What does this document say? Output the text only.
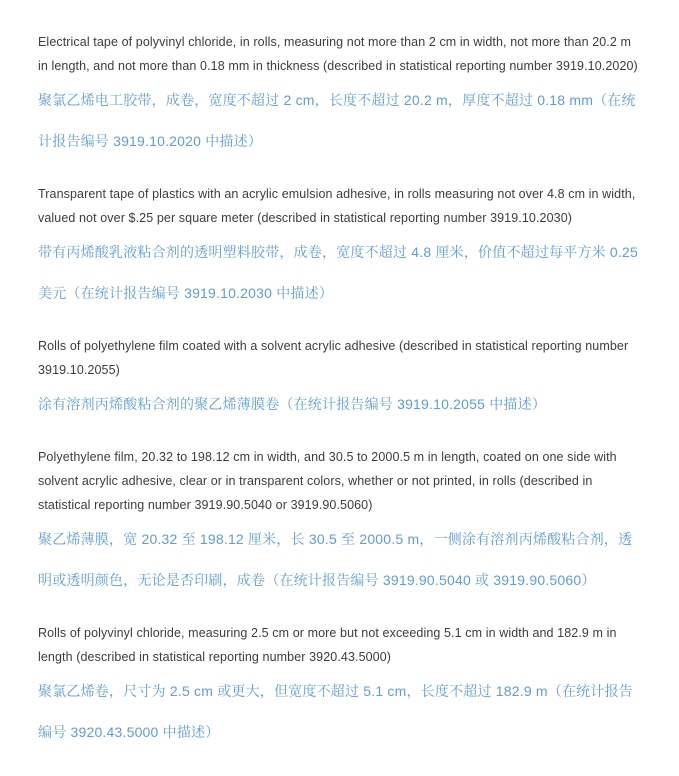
Electrical tape of polyvinyl chloride, in rolls, measuring not more than 2 cm in width, not more than 20.2 m in length, and not more than 0.18 mm in thickness (described in statistical reporting number 3919.10.2020)

聚氯乙烯电工胶带，成卷，宽度不超过 2 cm，长度不超过 20.2 m，厚度不超过 0.18 mm（在统计报告编号 3919.10.2020 中描述）

Transparent tape of plastics with an acrylic emulsion adhesive, in rolls measuring not over 4.8 cm in width, valued not over $.25 per square meter (described in statistical reporting number 3919.10.2030)

带有丙烯酸乳液粘合剂的透明塑料胶带，成卷，宽度不超过 4.8 厘米，价值不超过每平方米 0.25 美元（在统计报告编号 3919.10.2030 中描述）

Rolls of polyethylene film coated with a solvent acrylic adhesive (described in statistical reporting number 3919.10.2055)

涂有溶剂丙烯酸粘合剂的聚乙烯薄膜卷（在统计报告编号 3919.10.2055 中描述）

Polyethylene film, 20.32 to 198.12 cm in width, and 30.5 to 2000.5 m in length, coated on one side with solvent acrylic adhesive, clear or in transparent colors, whether or not printed, in rolls (described in statistical reporting number 3919.90.5040 or 3919.90.5060)

聚乙烯薄膜，宽 20.32 至 198.12 厘米，长 30.5 至 2000.5 m，一侧涂有溶剂丙烯酸粘合剂，透明或透明颜色，无论是否印刷，成卷（在统计报告编号 3919.90.5040 或 3919.90.5060）

Rolls of polyvinyl chloride, measuring 2.5 cm or more but not exceeding 5.1 cm in width and 182.9 m in length (described in statistical reporting number 3920.43.5000)

聚氯乙烯卷，尺寸为 2.5 cm 或更大，但宽度不超过 5.1 cm，长度不超过 182.9 m（在统计报告编号 3920.43.5000 中描述）
